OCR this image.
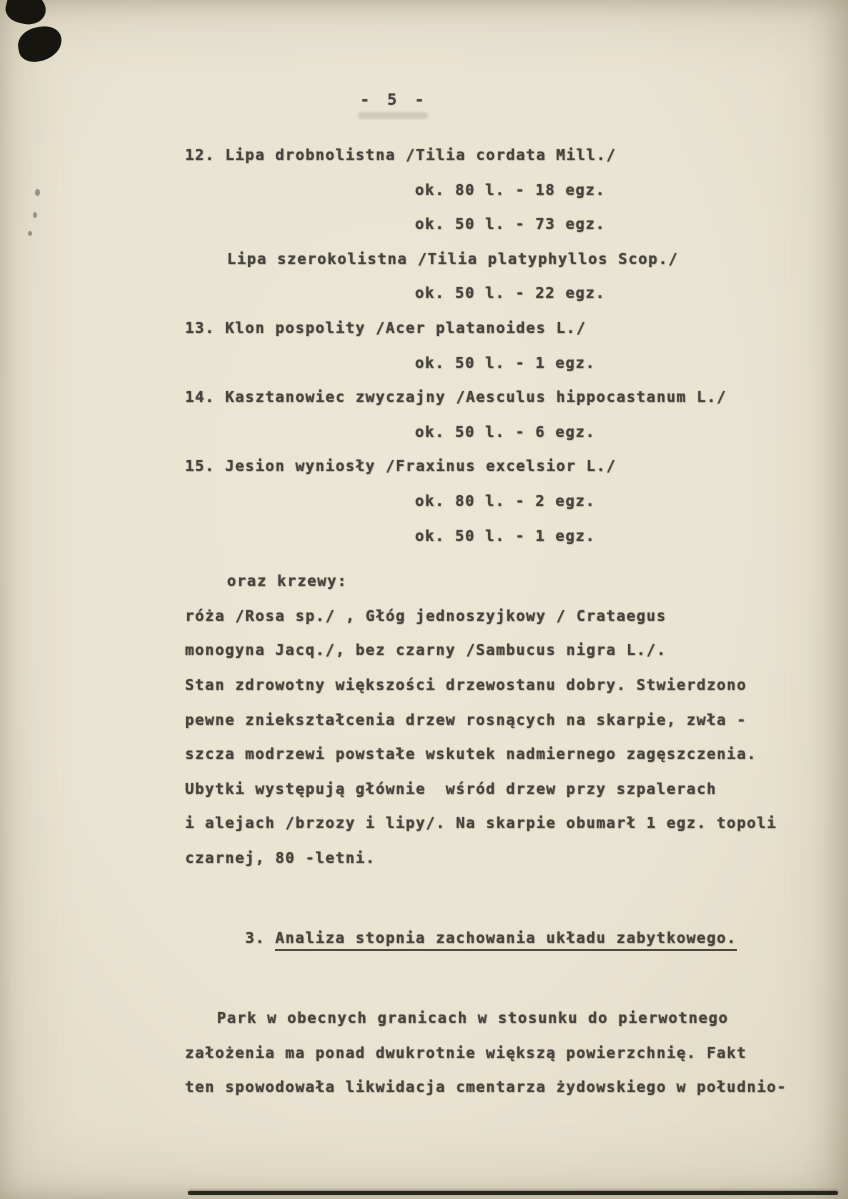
- 5 -
12. Lipa drobnolistna /Tilia cordata Mill./
ok. 80 l. - 18 egz.
ok. 50 l. - 73 egz.
Lipa szerokolistna /Tilia platyphyllos Scop./
ok. 50 l. - 22 egz.
13. Klon pospolity /Acer platanoides L./
ok. 50 l. - 1 egz.
14. Kasztanowiec zwyczajny /Aesculus hippocastanum L./
ok. 50 l. - 6 egz.
15. Jesion wyniosły /Fraxinus excelsior L./
ok. 80 l. - 2 egz.
ok. 50 l. - 1 egz.
oraz krzewy:
róża /Rosa sp./ , Głóg jednoszyjkowy / Crataegus
monogyna Jacq./, bez czarny /Sambucus nigra L./.
Stan zdrowotny większości drzewostanu dobry. Stwierdzono
pewne zniekształcenia drzew rosnących na skarpie, zwła -
szcza modrzewi powstałe wskutek nadmiernego zagęszczenia.
Ubytki występują głównie  wśród drzew przy szpalerach
i alejach /brzozy i lipy/. Na skarpie obumarł 1 egz. topoli
czarnej, 80 -letni.

3. Analiza stopnia zachowania układu zabytkowego.

Park w obecnych granicach w stosunku do pierwotnego
założenia ma ponad dwukrotnie większą powierzchnię. Fakt
ten spowodowała likwidacja cmentarza żydowskiego w południo-
